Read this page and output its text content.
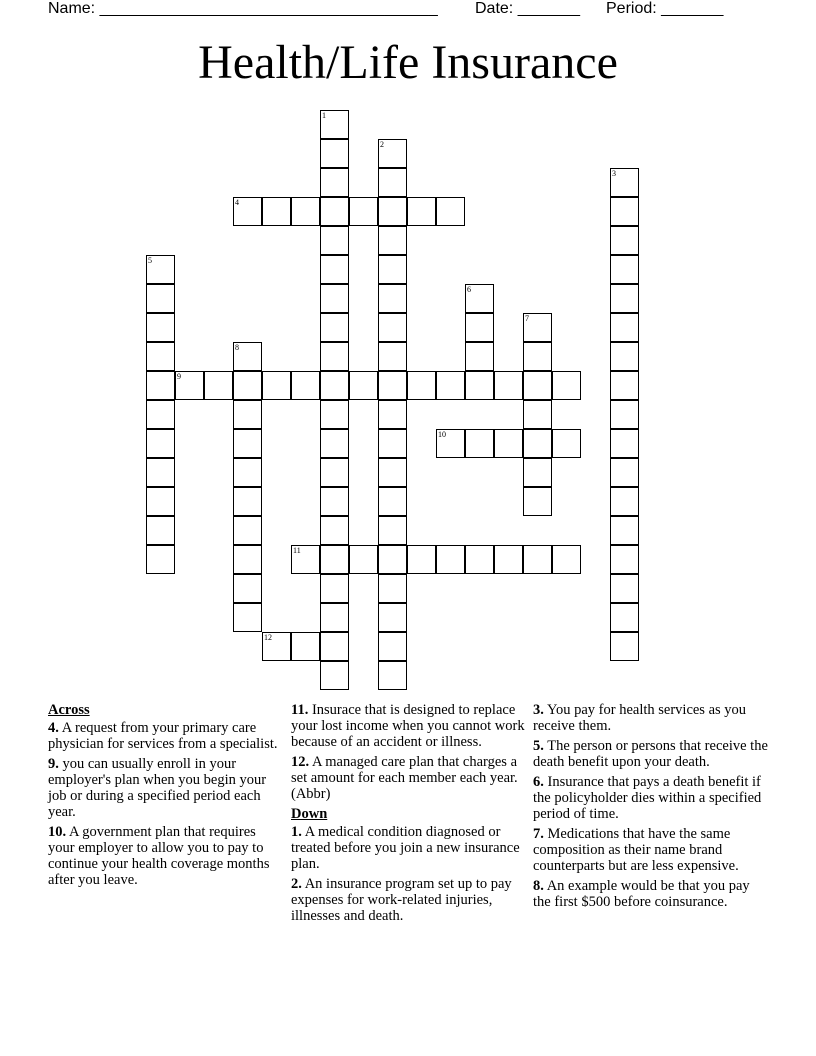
Name: ______________________________________ Date: _______ Period: _______
Health/Life Insurance
1
2
3
4
5
6
7
8
9
10
11
12
Across
4. A request from your primary care physician for services from a specialist.
9. you can usually enroll in your employer's plan when you begin your job or during a specified period each year.
10. A government plan that requires your employer to allow you to pay to continue your health coverage months after you leave.
11. Insurace that is designed to replace your lost income when you cannot work because of an accident or illness.
12. A managed care plan that charges a set amount for each member each year. (Abbr)
Down
1. A medical condition diagnosed or treated before you join a new insurance plan.
2. An insurance program set up to pay expenses for work-related injuries, illnesses and death.
3. You pay for health services as you receive them.
5. The person or persons that receive the death benefit upon your death.
6. Insurance that pays a death benefit if the policyholder dies within a specified period of time.
7. Medications that have the same composition as their name brand counterparts but are less expensive.
8. An example would be that you pay the first $500 before coinsurance.
